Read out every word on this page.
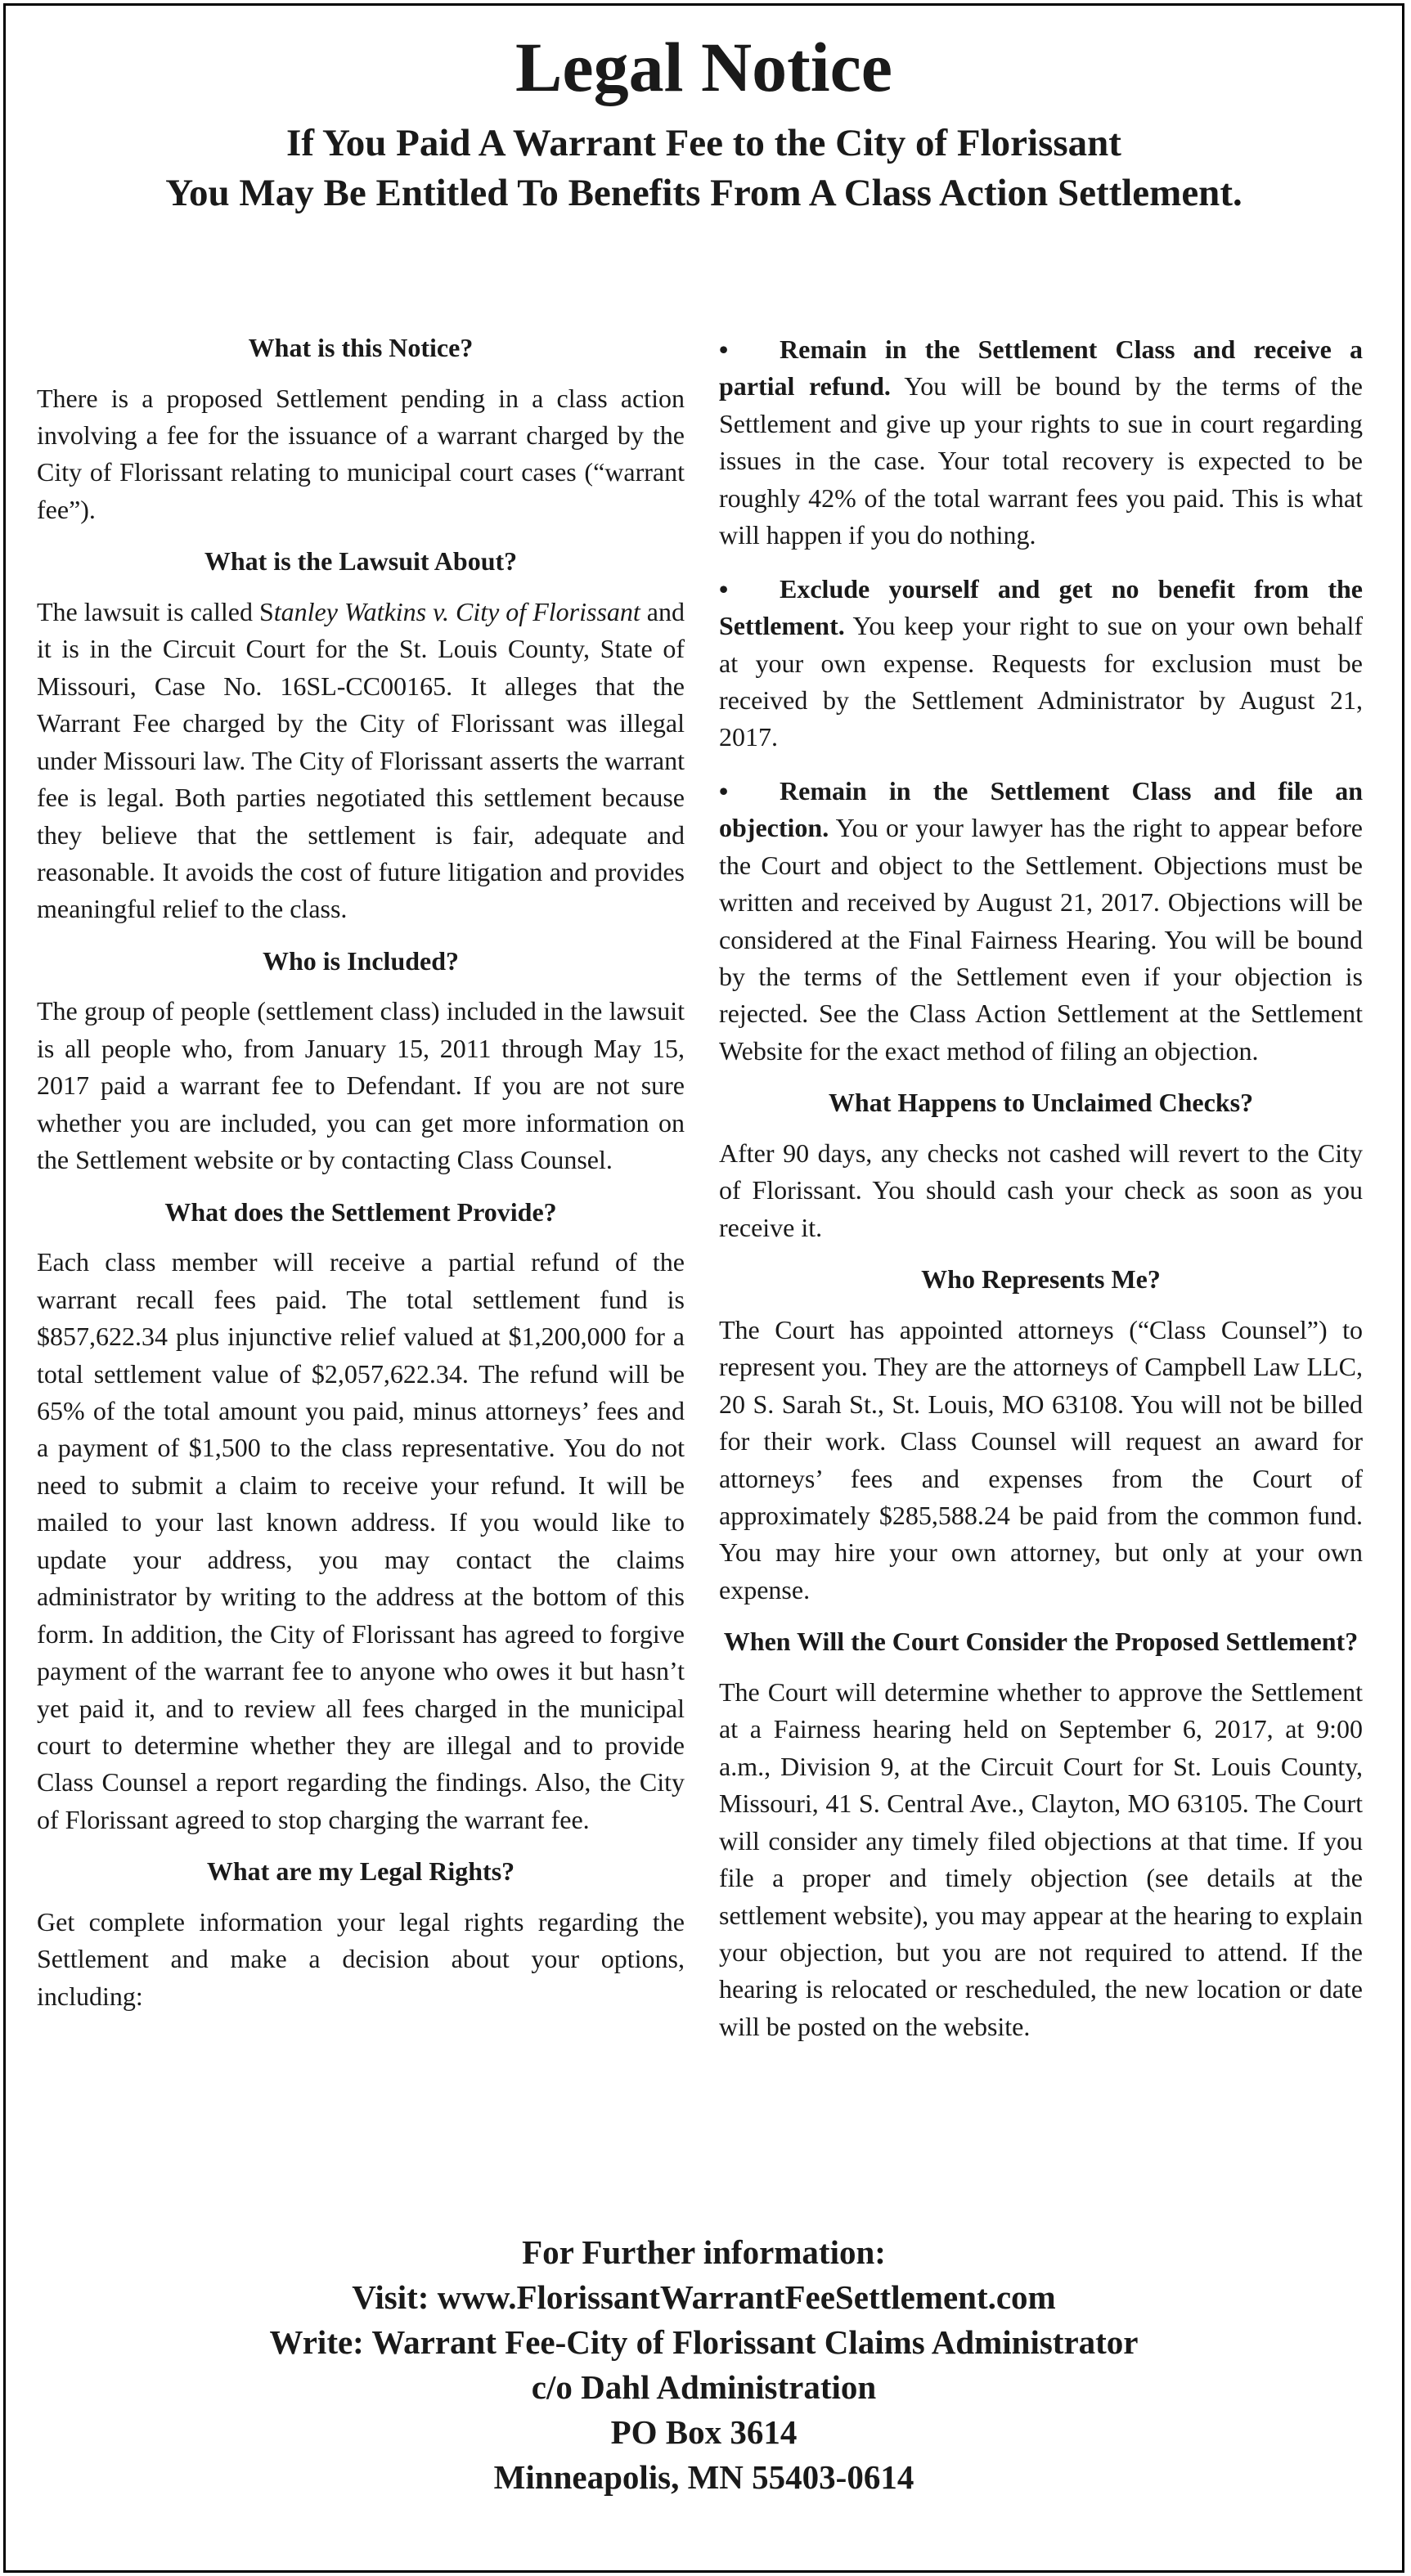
Legal Notice
If You Paid A Warrant Fee to the City of Florissant
You May Be Entitled To Benefits From A Class Action Settlement.
What is this Notice?

There is a proposed Settlement pending in a class action involving a fee for the issuance of a warrant charged by the City of Florissant relating to municipal court cases (“warrant fee”).

What is the Lawsuit About?

The lawsuit is called Stanley Watkins v. City of Florissant and it is in the Circuit Court for the St. Louis County, State of Missouri, Case No. 16SL-CC00165. It alleges that the Warrant Fee charged by the City of Florissant was illegal under Missouri law. The City of Florissant asserts the warrant fee is legal. Both parties negotiated this settlement because they believe that the settlement is fair, adequate and reasonable. It avoids the cost of future litigation and provides meaningful relief to the class.

Who is Included?

The group of people (settlement class) included in the lawsuit is all people who, from January 15, 2011 through May 15, 2017 paid a warrant fee to Defendant. If you are not sure whether you are included, you can get more information on the Settlement website or by contacting Class Counsel.

What does the Settlement Provide?

Each class member will receive a partial refund of the warrant recall fees paid. The total settlement fund is $857,622.34 plus injunctive relief valued at $1,200,000 for a total settlement value of $2,057,622.34. The refund will be 65% of the total amount you paid, minus attorneys’ fees and a payment of $1,500 to the class representative. You do not need to submit a claim to receive your refund. It will be mailed to your last known address. If you would like to update your address, you may contact the claims administrator by writing to the address at the bottom of this form. In addition, the City of Florissant has agreed to forgive payment of the warrant fee to anyone who owes it but hasn’t yet paid it, and to review all fees charged in the municipal court to determine whether they are illegal and to provide Class Counsel a report regarding the findings. Also, the City of Florissant agreed to stop charging the warrant fee.

What are my Legal Rights?

Get complete information your legal rights regarding the Settlement and make a decision about your options, including:

• Remain in the Settlement Class and receive a partial refund. You will be bound by the terms of the Settlement and give up your rights to sue in court regarding issues in the case. Your total recovery is expected to be roughly 42% of the total warrant fees you paid. This is what will happen if you do nothing.

• Exclude yourself and get no benefit from the Settlement. You keep your right to sue on your own behalf at your own expense. Requests for exclusion must be received by the Settlement Administrator by August 21, 2017.

• Remain in the Settlement Class and file an objection. You or your lawyer has the right to appear before the Court and object to the Settlement. Objections must be written and received by August 21, 2017. Objections will be considered at the Final Fairness Hearing. You will be bound by the terms of the Settlement even if your objection is rejected. See the Class Action Settlement at the Settlement Website for the exact method of filing an objection.

What Happens to Unclaimed Checks?

After 90 days, any checks not cashed will revert to the City of Florissant. You should cash your check as soon as you receive it.

Who Represents Me?

The Court has appointed attorneys (“Class Counsel”) to represent you. They are the attorneys of Campbell Law LLC, 20 S. Sarah St., St. Louis, MO 63108. You will not be billed for their work. Class Counsel will request an award for attorneys’ fees and expenses from the Court of approximately $285,588.24 be paid from the common fund. You may hire your own attorney, but only at your own expense.

When Will the Court Consider the Proposed Settlement?

The Court will determine whether to approve the Settlement at a Fairness hearing held on September 6, 2017, at 9:00 a.m., Division 9, at the Circuit Court for St. Louis County, Missouri, 41 S. Central Ave., Clayton, MO 63105. The Court will consider any timely filed objections at that time. If you file a proper and timely objection (see details at the settlement website), you may appear at the hearing to explain your objection, but you are not required to attend. If the hearing is relocated or rescheduled, the new location or date will be posted on the website.

For Further information:
Visit: www.FlorissantWarrantFeeSettlement.com
Write: Warrant Fee-City of Florissant Claims Administrator
c/o Dahl Administration
PO Box 3614
Minneapolis, MN 55403-0614
